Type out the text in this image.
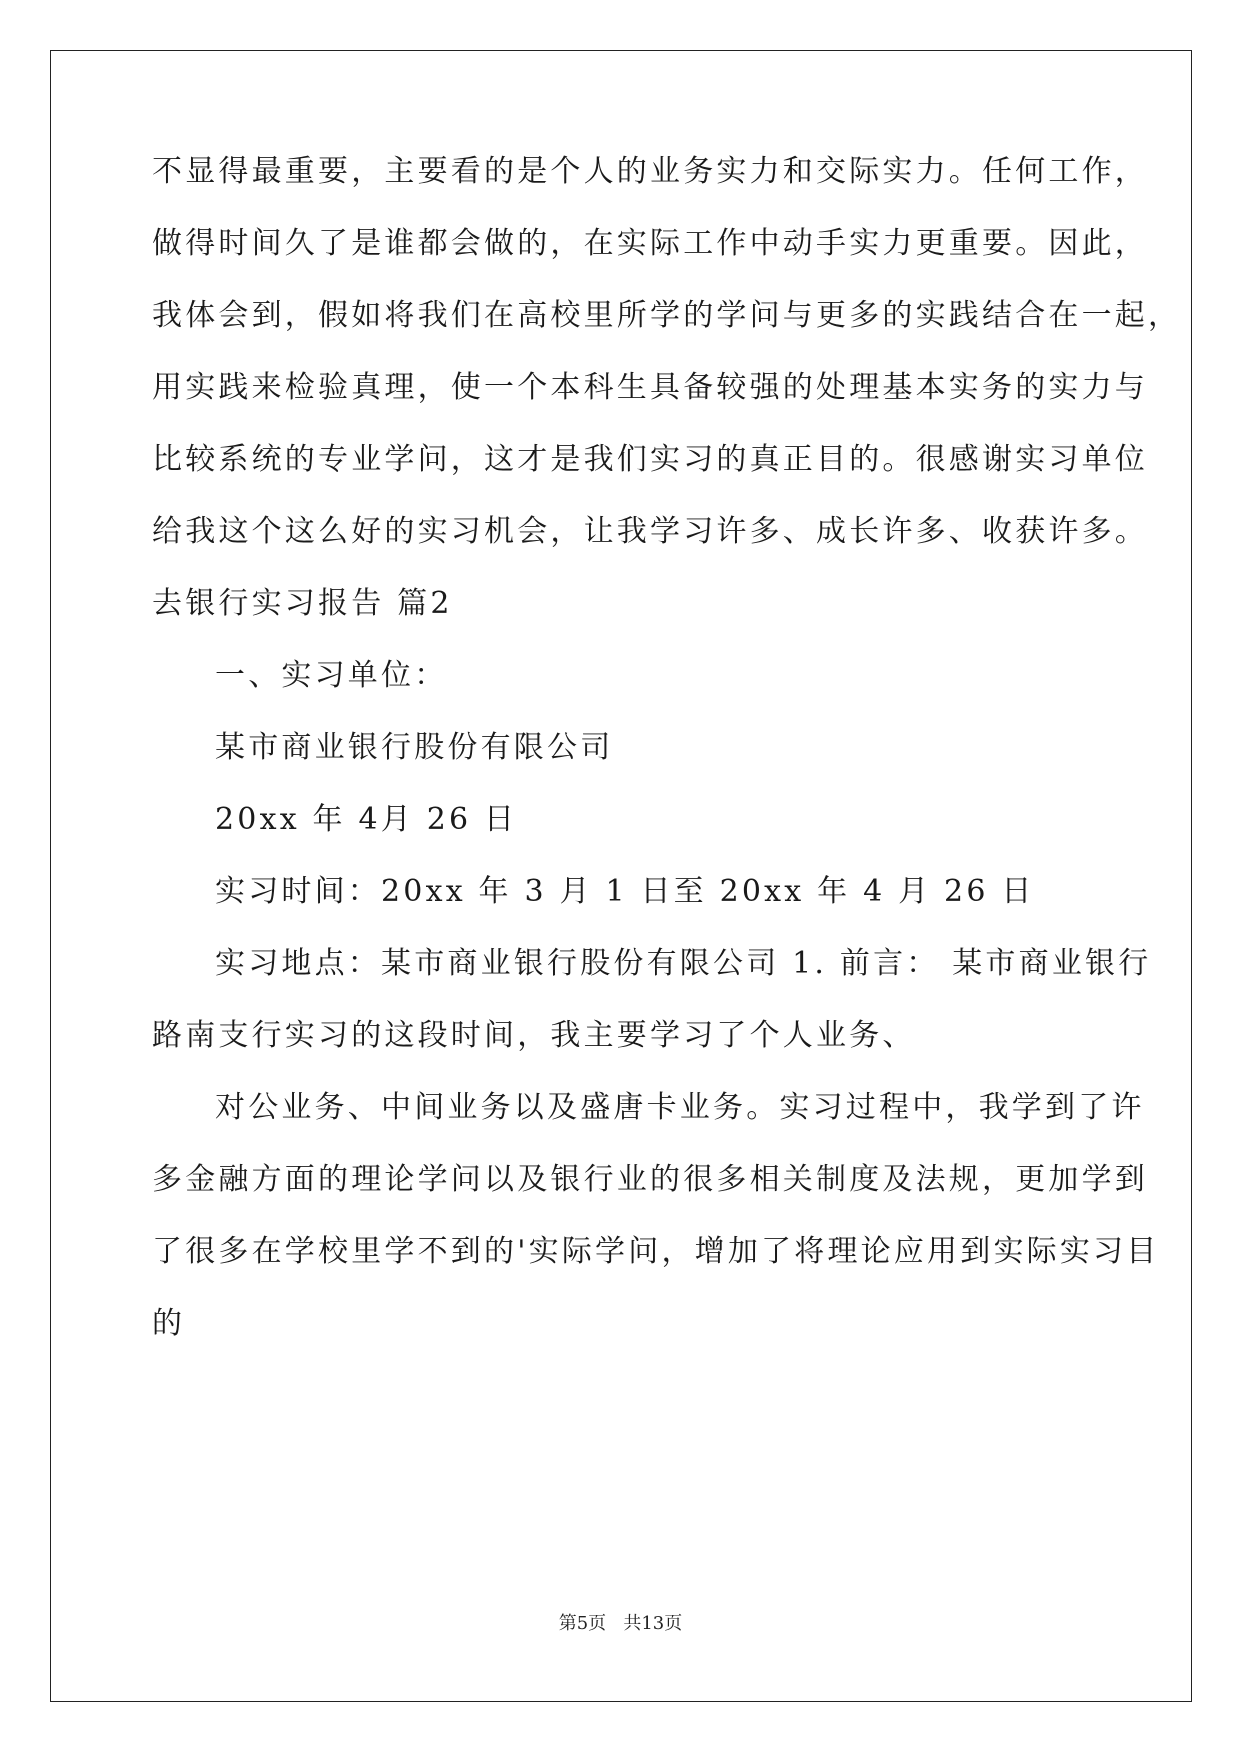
不显得最重要，主要看的是个人的业务实力和交际实力。任何工作，
做得时间久了是谁都会做的，在实际工作中动手实力更重要。因此，
我体会到，假如将我们在高校里所学的学问与更多的实践结合在一起，
用实践来检验真理，使一个本科生具备较强的处理基本实务的实力与
比较系统的专业学问，这才是我们实习的真正目的。很感谢实习单位
给我这个这么好的实习机会，让我学习许多、成长许多、收获许多。
去银行实习报告 篇2
一、实习单位：
某市商业银行股份有限公司
20xx 年 4月 26 日
实习时间：20xx 年 3 月 1 日至 20xx 年 4 月 26 日
实习地点：某市商业银行股份有限公司 1. 前言： 某市商业银行
路南支行实习的这段时间，我主要学习了个人业务、
对公业务、中间业务以及盛唐卡业务。实习过程中，我学到了许
多金融方面的理论学问以及银行业的很多相关制度及法规，更加学到
了很多在学校里学不到的'实际学问，增加了将理论应用到实际实习目
的
第5页 共13页
